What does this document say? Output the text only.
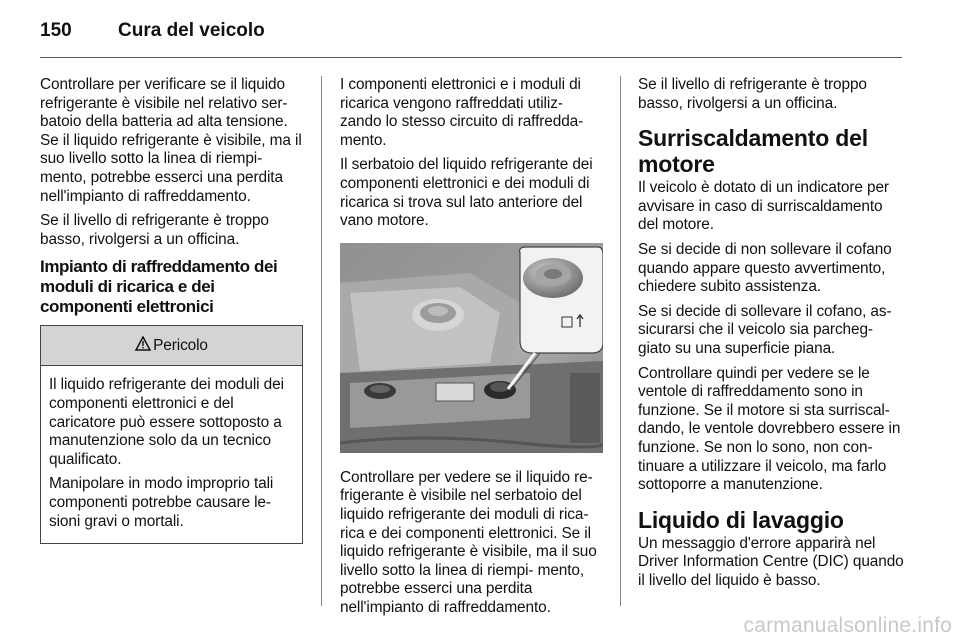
150	Cura del veicolo

Controllare per verificare se il liquido refrigerante è visibile nel relativo ser- batoio della batteria ad alta tensione. Se il liquido refrigerante è visibile, ma il suo livello sotto la linea di riempi- mento, potrebbe esserci una perdita nell'impianto di raffreddamento.

Se il livello di refrigerante è troppo basso, rivolgersi a un officina.

Impianto di raffreddamento dei moduli di ricarica e dei componenti elettronici
Pericolo

Il liquido refrigerante dei moduli dei componenti elettronici e del caricatore può essere sottoposto a manutenzione solo da un tecnico qualificato.

Manipolare in modo improprio tali componenti potrebbe causare le- sioni gravi o mortali.

I componenti elettronici e i moduli di ricarica vengono raffreddati utiliz- zando lo stesso circuito di raffredda- mento.

Il serbatoio del liquido refrigerante dei componenti elettronici e dei moduli di ricarica si trova sul lato anteriore del vano motore.

Controllare per vedere se il liquido re- frigerante è visibile nel serbatoio del liquido refrigerante dei moduli di rica- rica e dei componenti elettronici. Se il liquido refrigerante è visibile, ma il suo livello sotto la linea di riempi- mento, potrebbe esserci una perdita nell'impianto di raffreddamento.

Se il livello di refrigerante è troppo basso, rivolgersi a un officina.

Surriscaldamento del motore

Il veicolo è dotato di un indicatore per avvisare in caso di surriscaldamento del motore.

Se si decide di non sollevare il cofano quando appare questo avvertimento, chiedere subito assistenza.

Se si decide di sollevare il cofano, as- sicurarsi che il veicolo sia parcheg- giato su una superficie piana.

Controllare quindi per vedere se le ventole di raffreddamento sono in funzione. Se il motore si sta surriscal- dando, le ventole dovrebbero essere in funzione. Se non lo sono, non con- tinuare a utilizzare il veicolo, ma farlo sottoporre a manutenzione.

Liquido di lavaggio

Un messaggio d'errore apparirà nel Driver Information Centre (DIC) quando il livello del liquido è basso.

carmanualsonline.info
